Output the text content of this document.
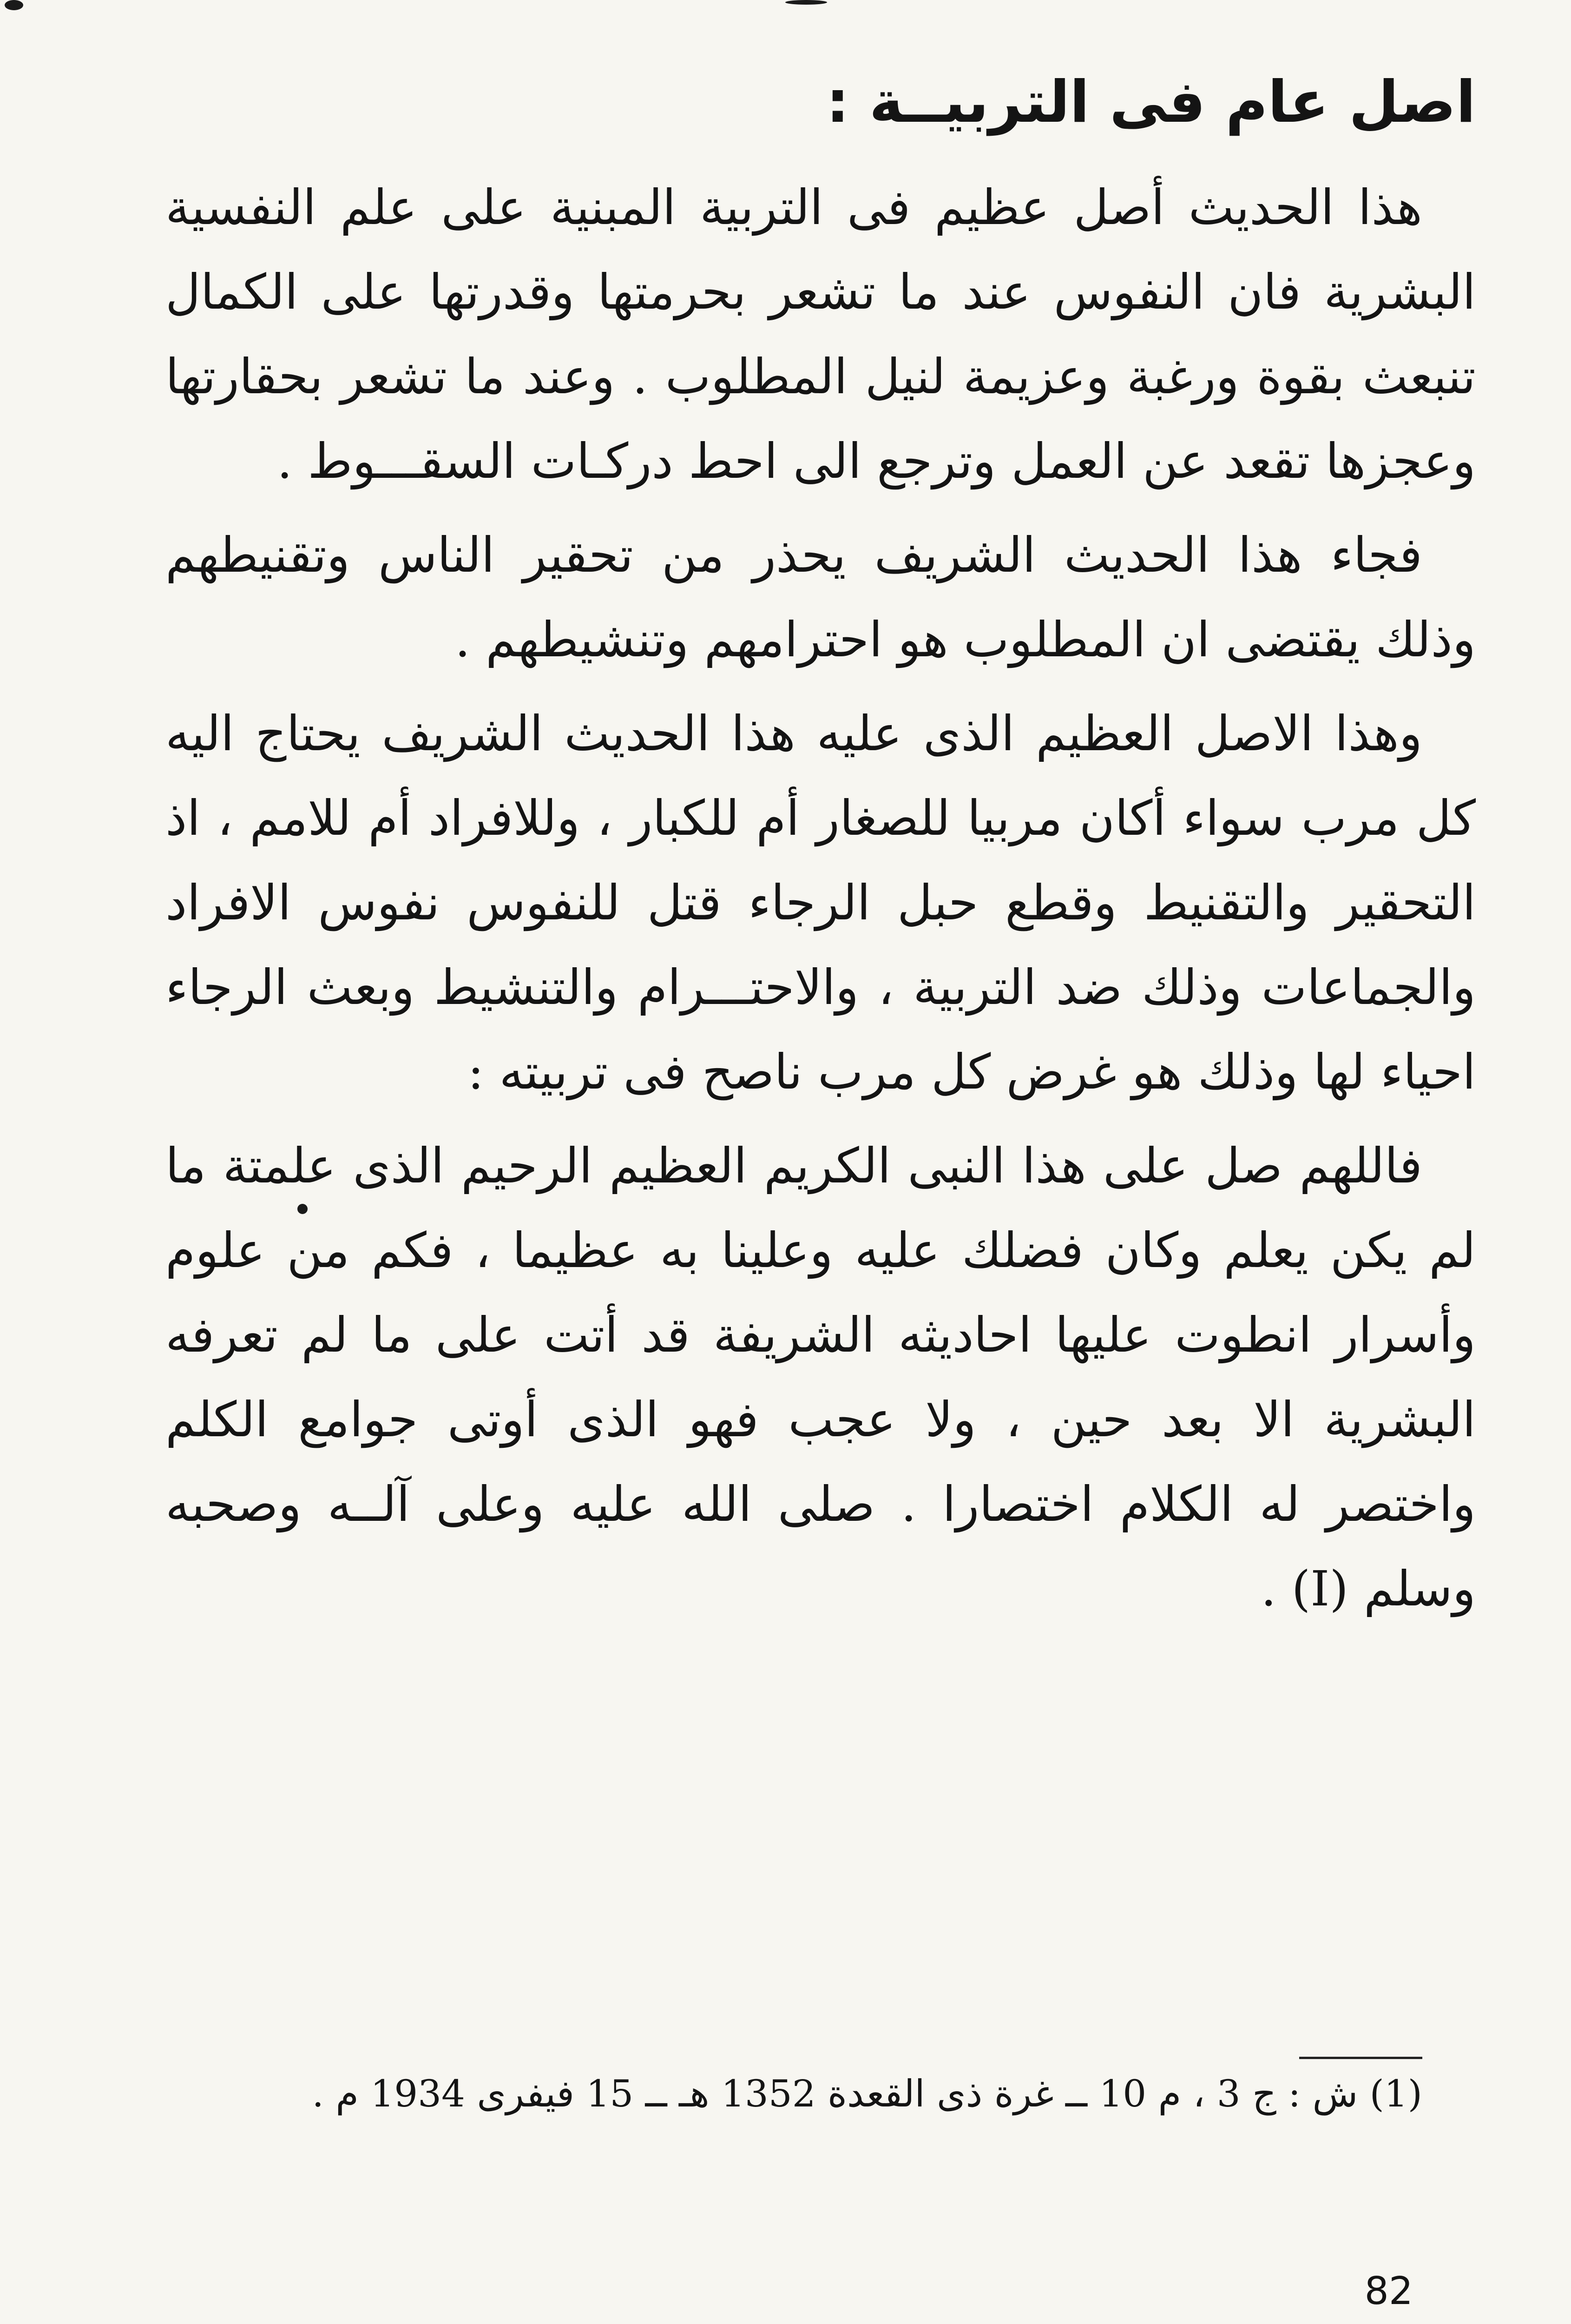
اصل عام فى التربيــة :

هذا الحديث أصل عظيم فى التربية المبنية على علم النفسية البشرية فان النفوس عند ما تشعر بحرمتها وقدرتها على الكمال تنبعث بقوة ورغبة وعزيمة لنيل المطلوب . وعند ما تشعر بحقارتها وعجزها تقعد عن العمل وترجع الى احط دركـات السقـــوط .

فجاء هذا الحديث الشريف يحذر من تحقير الناس وتقنيطهم وذلك يقتضى ان المطلوب هو احترامهم وتنشيطهم .

وهذا الاصل العظيم الذى عليه هذا الحديث الشريف يحتاج اليه كل مرب سواء أكان مربيا للصغار أم للكبار ، وللافراد أم للامم ، اذ التحقير والتقنيط وقطع حبل الرجاء قتل للنفوس نفوس الافراد والجماعات وذلك ضد التربية ، والاحتـــرام والتنشيط وبعث الرجاء احياء لها وذلك هو غرض كل مرب ناصح فى تربيته :

فاللهم صل على هذا النبى الكريم العظيم الرحيم الذى علمتة ما لم يكن يعلم وكان فضلك عليه وعلينا به عظيما ، فكم من علوم وأسرار انطوت عليها احاديثه الشريفة قد أتت على ما لم تعرفه البشرية الا بعد حين ، ولا عجب فهو الذى أوتى جوامع الكلم واختصر له الكلام اختصارا . صلى الله عليه وعلى آلــه وصحبه وسلم (I) .

(1) ش : ج 3 ، م 10 ــ غرة ذى القعدة 1352 هـ ــ 15 فيفرى 1934 م .
82
